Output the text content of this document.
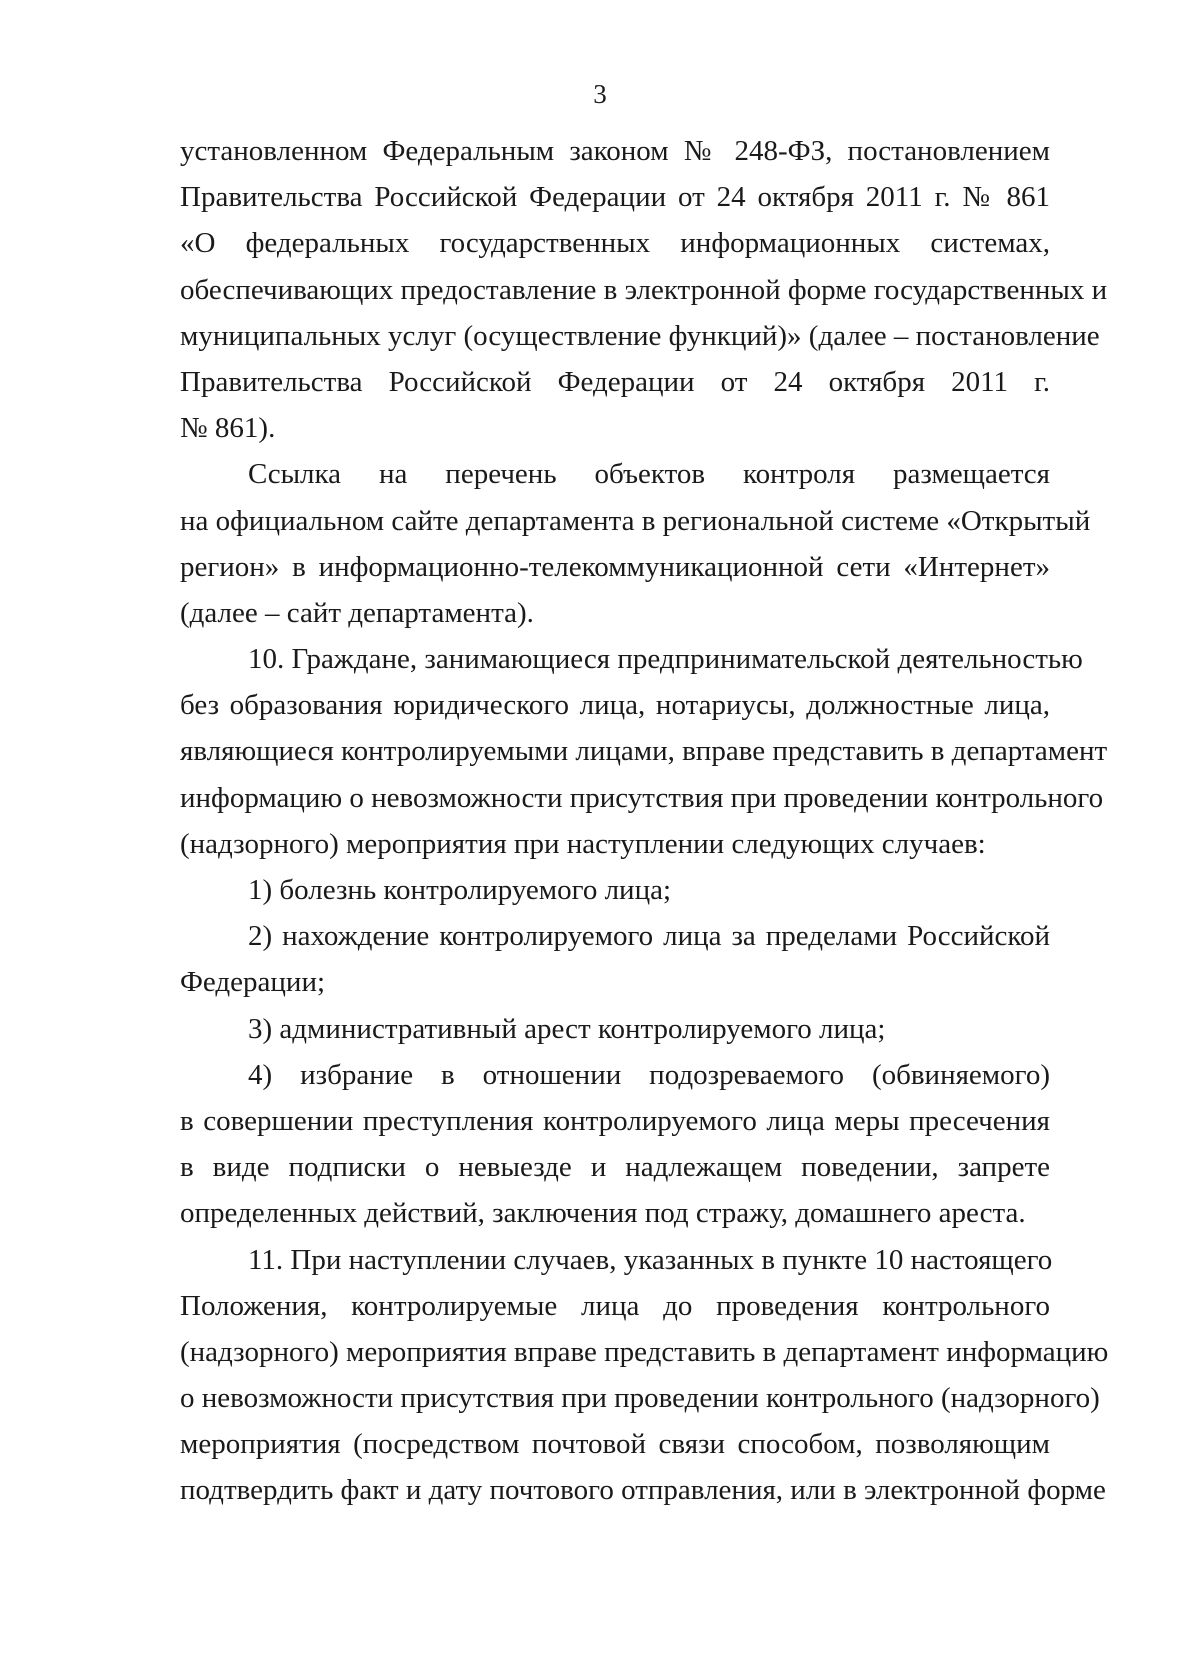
3
установленном Федеральным законом № 248-ФЗ, постановлением
Правительства Российской Федерации от 24 октября 2011 г. № 861
«О федеральных государственных информационных системах,
обеспечивающих предоставление в электронной форме государственных и
муниципальных услуг (осуществление функций)» (далее – постановление
Правительства Российской Федерации от 24 октября 2011 г.
№ 861).
Ссылка на перечень объектов контроля размещается
на официальном сайте департамента в региональной системе «Открытый
регион» в информационно-телекоммуникационной сети «Интернет»
(далее – сайт департамента).
10. Граждане, занимающиеся предпринимательской деятельностью
без образования юридического лица, нотариусы, должностные лица,
являющиеся контролируемыми лицами, вправе представить в департамент
информацию о невозможности присутствия при проведении контрольного
(надзорного) мероприятия при наступлении следующих случаев:
1) болезнь контролируемого лица;
2) нахождение контролируемого лица за пределами Российской
Федерации;
3) административный арест контролируемого лица;
4) избрание в отношении подозреваемого (обвиняемого)
в совершении преступления контролируемого лица меры пресечения
в виде подписки о невыезде и надлежащем поведении, запрете
определенных действий, заключения под стражу, домашнего ареста.
11. При наступлении случаев, указанных в пункте 10 настоящего
Положения, контролируемые лица до проведения контрольного
(надзорного) мероприятия вправе представить в департамент информацию
о невозможности присутствия при проведении контрольного (надзорного)
мероприятия (посредством почтовой связи способом, позволяющим
подтвердить факт и дату почтового отправления, или в электронной форме
